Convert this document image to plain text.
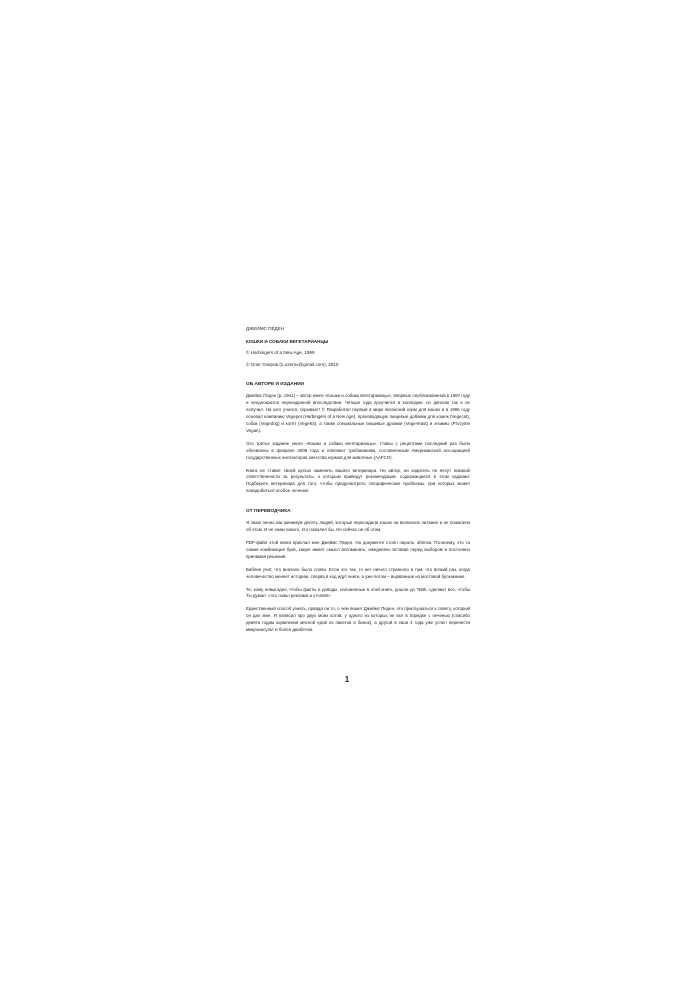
ДЖЕЙМС ПЕДЕН

КОШКИ И СОБАКИ ВЕГЕТАРИАНЦЫ

© Harbingers of a New Age, 1999

© Олег Озеров (o.ozerov@gmail.com), 2010

ОБ АВТОРЕ И ИЗДАНИИ

Джеймс Педен (р. 1941) – автор книги «Кошки и собаки вегетарианцы», впервые опубликованной в 1987 году и неоднократно переизданной впоследствии. Четыре года проучился в колледже, но диплом так и не получил. На кого учился, скрывает! © Разработал первый в мире веганский корм для кошек и в 1986 году основал компанию Vegepet (Harbingers of a New Age), производящую пищевые добавки для кошек (Vegecat), собак (Vegedog) и котят (VegeKit), а также специальные пищевые дрожжи (VegeYeast) и энзимы (Prozyme Vegan).

Это третье издание книги «Кошки и собаки вегетарианцы». Главы с рецептами последний раз были обновлены в феврале 2008 года и отвечают требованиям, составленным Американской ассоциацией государственных инспекторов качества кормов для животных (AAFCO).

Книга не ставит своей целью заменить вашего ветеринара. Ни автор, ни издатель не несут никакой ответственности за результаты, к которым приведут рекомендации, содержащиеся в этом издании. Подберите ветеринара для того, чтобы предусмотреть специфические проблемы, при которых может понадобиться особое лечение.

ОТ ПЕРЕВОДЧИКА

Я знаю лично как минимум десять людей, которые пересадили кошек на веганское питание и не пожалели об этом. И не знаю никого, кто пожалел бы. Но сейчас не об этом.

PDF-файл этой книги прислал мне Джеймс Педен. На документе стоял пароль: ahimsa. По-моему, это та самая комбинация букв, какую имеет смысл вспоминать, ежедневно вставая перед выбором и постоянно принимая решения.

Библия учит, что вначале было слово. Если это так, то нет ничего странного в том, что всякий раз, когда человечество меняет историю, сперва в ход идут книги, а уже потом – вырванные из мостовой булыжники.

Те, кому невыгодно, чтобы факты и доводы, изложенные в этой книге, дошли до TeBk, сделают все, чтобы Ты думал: «это ложь! реклама и утопия!»

Единственный способ узнать, правда ли то, о чем пишет Джеймс Педен, это прислушаться к совету, который он дал мне. Я написал про двух моих котов, у одного из которых не все в порядке с печенью (спасибо девяти годам кормления мясной едой из пакетов и банок), а другой в свои 4 года уже успел перенести микроинсульт и болен диабетом.

1
